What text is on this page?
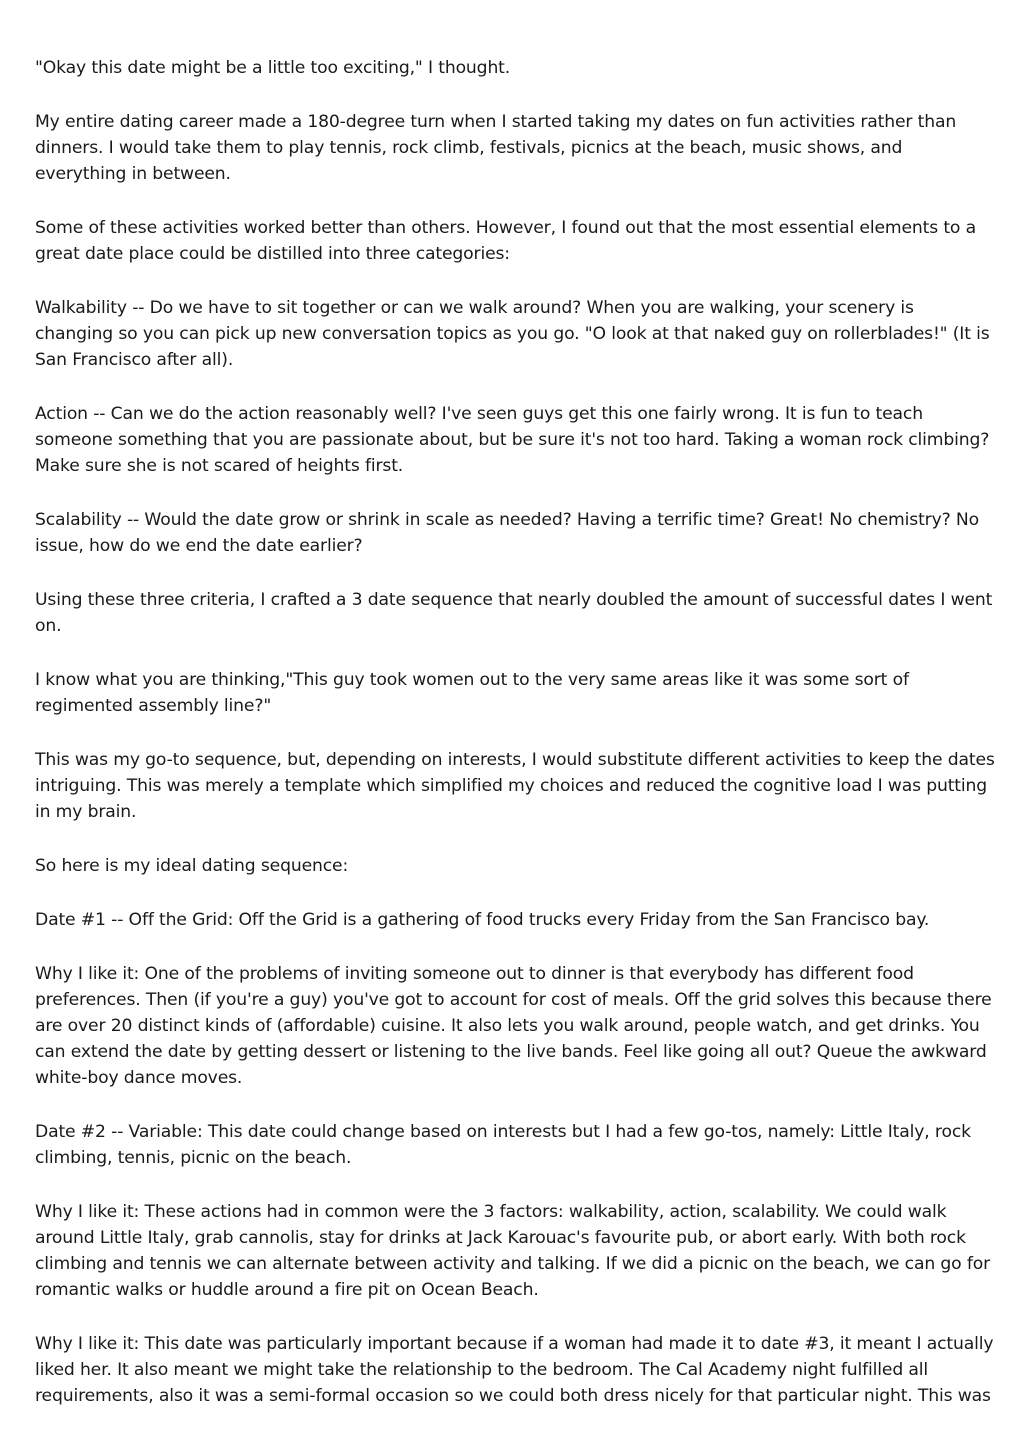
"Okay this date might be a little too exciting," I thought.

My entire dating career made a 180-degree turn when I started taking my dates on fun activities rather than dinners. I would take them to play tennis, rock climb, festivals, picnics at the beach, music shows, and everything in between.

Some of these activities worked better than others. However, I found out that the most essential elements to a great date place could be distilled into three categories:

Walkability -- Do we have to sit together or can we walk around? When you are walking, your scenery is changing so you can pick up new conversation topics as you go. "O look at that naked guy on rollerblades!" (It is San Francisco after all).

Action -- Can we do the action reasonably well? I've seen guys get this one fairly wrong. It is fun to teach someone something that you are passionate about, but be sure it's not too hard. Taking a woman rock climbing? Make sure she is not scared of heights first.

Scalability -- Would the date grow or shrink in scale as needed? Having a terrific time? Great! No chemistry? No issue, how do we end the date earlier?

Using these three criteria, I crafted a 3 date sequence that nearly doubled the amount of successful dates I went on.

I know what you are thinking,"This guy took women out to the very same areas like it was some sort of regimented assembly line?"

This was my go-to sequence, but, depending on interests, I would substitute different activities to keep the dates intriguing. This was merely a template which simplified my choices and reduced the cognitive load I was putting in my brain.

So here is my ideal dating sequence:

Date #1 -- Off the Grid: Off the Grid is a gathering of food trucks every Friday from the San Francisco bay.

Why I like it: One of the problems of inviting someone out to dinner is that everybody has different food preferences. Then (if you're a guy) you've got to account for cost of meals. Off the grid solves this because there are over 20 distinct kinds of (affordable) cuisine. It also lets you walk around, people watch, and get drinks. You can extend the date by getting dessert or listening to the live bands. Feel like going all out? Queue the awkward white-boy dance moves.

Date #2 -- Variable: This date could change based on interests but I had a few go-tos, namely: Little Italy, rock climbing, tennis, picnic on the beach.

Why I like it: These actions had in common were the 3 factors: walkability, action, scalability. We could walk around Little Italy, grab cannolis, stay for drinks at Jack Karouac's favourite pub, or abort early. With both rock climbing and tennis we can alternate between activity and talking. If we did a picnic on the beach, we can go for romantic walks or huddle around a fire pit on Ocean Beach.

Why I like it: This date was particularly important because if a woman had made it to date #3, it meant I actually liked her. It also meant we might take the relationship to the bedroom. The Cal Academy night fulfilled all requirements, also it was a semi-formal occasion so we could both dress nicely for that particular night. This was
